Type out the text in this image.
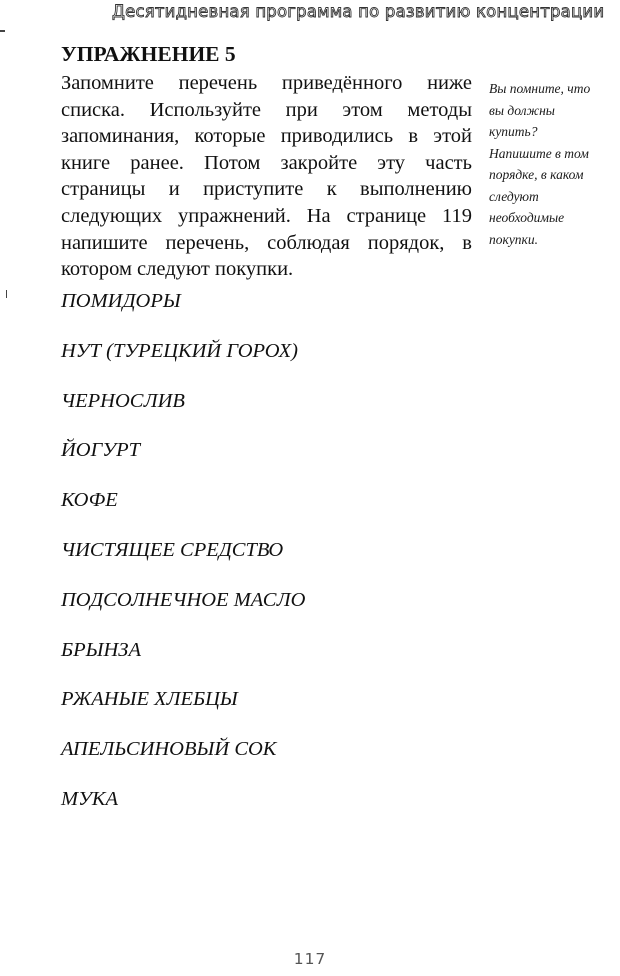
Десятидневная программа по развитию концентрации
УПРАЖНЕНИЕ 5

Запомните перечень приведённого ниже списка. Используйте при этом методы запоминания, которые приводились в этой книге ранее. Потом закройте эту часть страницы и приступите к выполнению следующих упражнений. На странице 119 напишите перечень, соблюдая порядок, в котором следуют покупки.

Вы помните, что вы должны купить? Напишите в том порядке, в каком следуют необходимые покупки.

ПОМИДОРЫ
НУТ (ТУРЕЦКИЙ ГОРОХ)
ЧЕРНОСЛИВ
ЙОГУРТ
КОФЕ
ЧИСТЯЩЕЕ СРЕДСТВО
ПОДСОЛНЕЧНОЕ МАСЛО
БРЫНЗА
РЖАНЫЕ ХЛЕБЦЫ
АПЕЛЬСИНОВЫЙ СОК
МУКА
117
